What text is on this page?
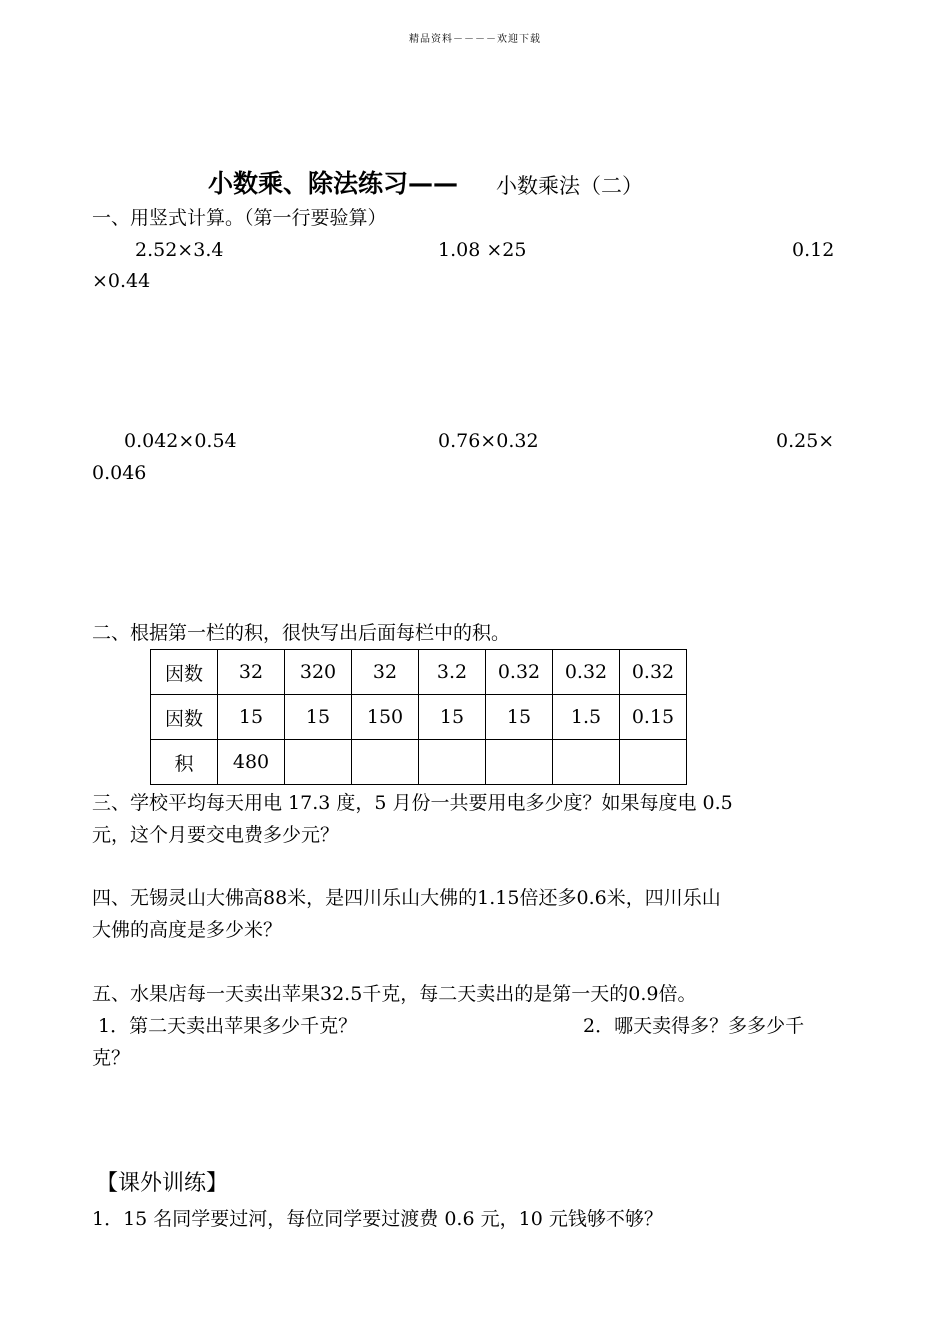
精品资料－－－－欢迎下载
小数乘、除法练习—— 小数乘法（二）
一、用竖式计算。（第一行要验算）
2.52×3.4	1.08 ×25	0.12
×0.44
0.042×0.54	0.76×0.32	0.25×
0.046
二、根据第一栏的积，很快写出后面每栏中的积。
因数	32	320	32	3.2	0.32	0.32	0.32
因数	15	15	150	15	15	1.5	0.15
积	480						
三、学校平均每天用电 17.3 度，5 月份一共要用电多少度？如果每度电 0.5
元，这个月要交电费多少元？
四、无锡灵山大佛高88米，是四川乐山大佛的1.15倍还多0.6米，四川乐山
大佛的高度是多少米？
五、水果店每一天卖出苹果32.5千克，每二天卖出的是第一天的0.9倍。
1．第二天卖出苹果多少千克？	2．哪天卖得多？多多少千
克？
【课外训练】
1．15 名同学要过河，每位同学要过渡费 0.6 元，10 元钱够不够？
